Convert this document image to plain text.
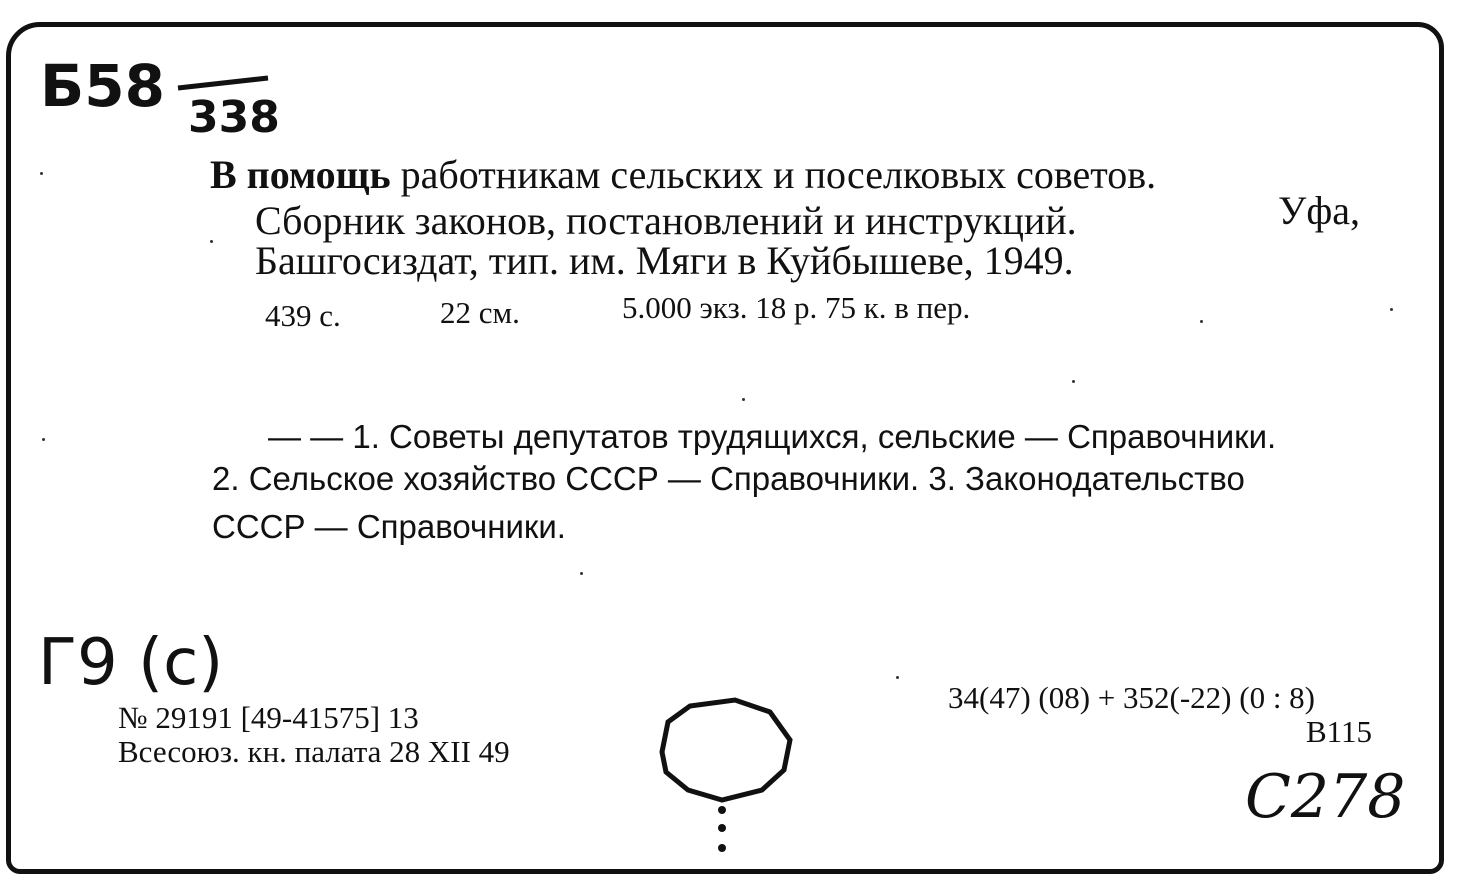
Б58 338
В помощь работникам сельских и поселковых советов.
Сборник законов, постановлений и инструкций.	Уфа,
Башгосиздат, тип. им. Мяги в Куйбышеве, 1949.
439 с.	22 см.	5.000 экз. 18 р. 75 к. в пер.
— — 1. Советы депутатов трудящихся, сельские — Справочники.
2. Сельское хозяйство СССР — Справочники. 3. Законодательство
СССР — Справочники.
Г9 (с)
№ 29191 [49-41575] 13
Всесоюз. кн. палата 28 XII 49
34(47) (08) + 352(-22) (0 : 8)
B115
С278
